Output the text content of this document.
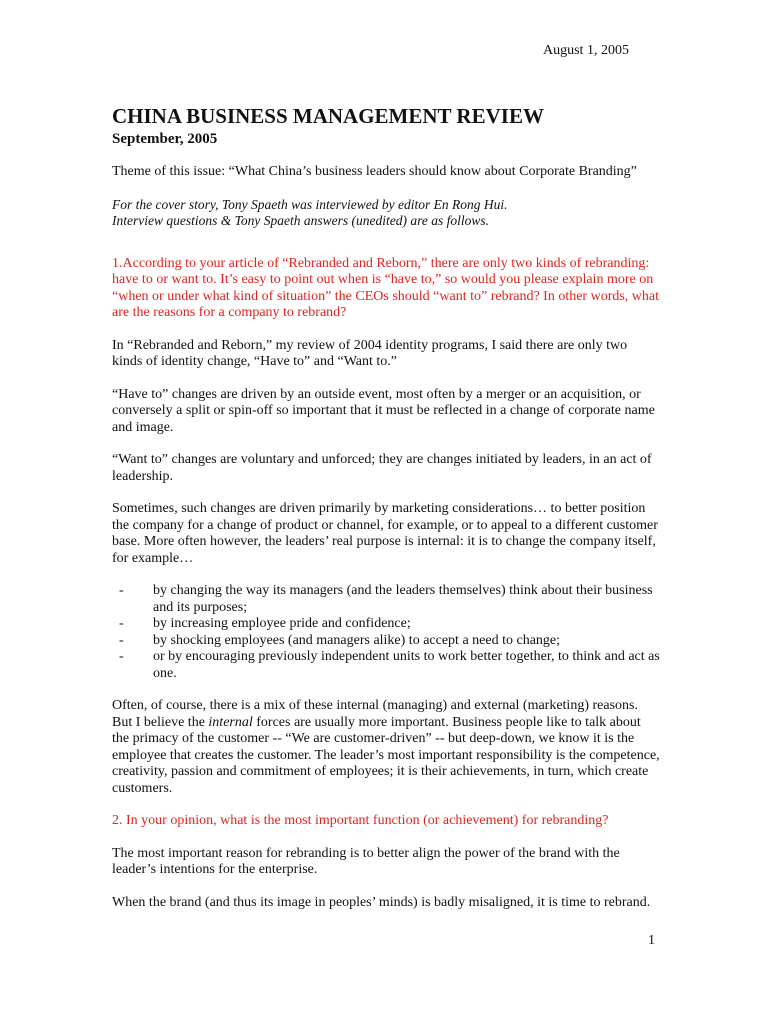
August 1, 2005
CHINA BUSINESS MANAGEMENT REVIEW

September, 2005

Theme of this issue: “What China’s business leaders should know about Corporate Branding”

For the cover story, Tony Spaeth was interviewed by editor En Rong Hui.
Interview questions & Tony Spaeth answers (unedited) are as follows.

1.According to your article of “Rebranded and Reborn,” there are only two kinds of rebranding: have to or want to. It’s easy to point out when is “have to,” so would you please explain more on “when or under what kind of situation” the CEOs should “want to” rebrand? In other words, what are the reasons for a company to rebrand?

In “Rebranded and Reborn,” my review of 2004 identity programs, I said there are only two kinds of identity change, “Have to” and “Want to.”

“Have to” changes are driven by an outside event, most often by a merger or an acquisition, or conversely a split or spin-off so important that it must be reflected in a change of corporate name and image.

“Want to” changes are voluntary and unforced; they are changes initiated by leaders, in an act of leadership.

Sometimes, such changes are driven primarily by marketing considerations… to better position the company for a change of product or channel, for example, or to appeal to a different customer base. More often however, the leaders’ real purpose is internal: it is to change the company itself, for example…

- by changing the way its managers (and the leaders themselves) think about their business and its purposes;
- by increasing employee pride and confidence;
- by shocking employees (and managers alike) to accept a need to change;
- or by encouraging previously independent units to work better together, to think and act as one.

Often, of course, there is a mix of these internal (managing) and external (marketing) reasons. But I believe the internal forces are usually more important. Business people like to talk about the primacy of the customer -- “We are customer-driven” -- but deep-down, we know it is the employee that creates the customer. The leader’s most important responsibility is the competence, creativity, passion and commitment of employees; it is their achievements, in turn, which create customers.

2. In your opinion, what is the most important function (or achievement) for rebranding?

The most important reason for rebranding is to better align the power of the brand with the leader’s intentions for the enterprise.

When the brand (and thus its image in peoples’ minds) is badly misaligned, it is time to rebrand.

1
